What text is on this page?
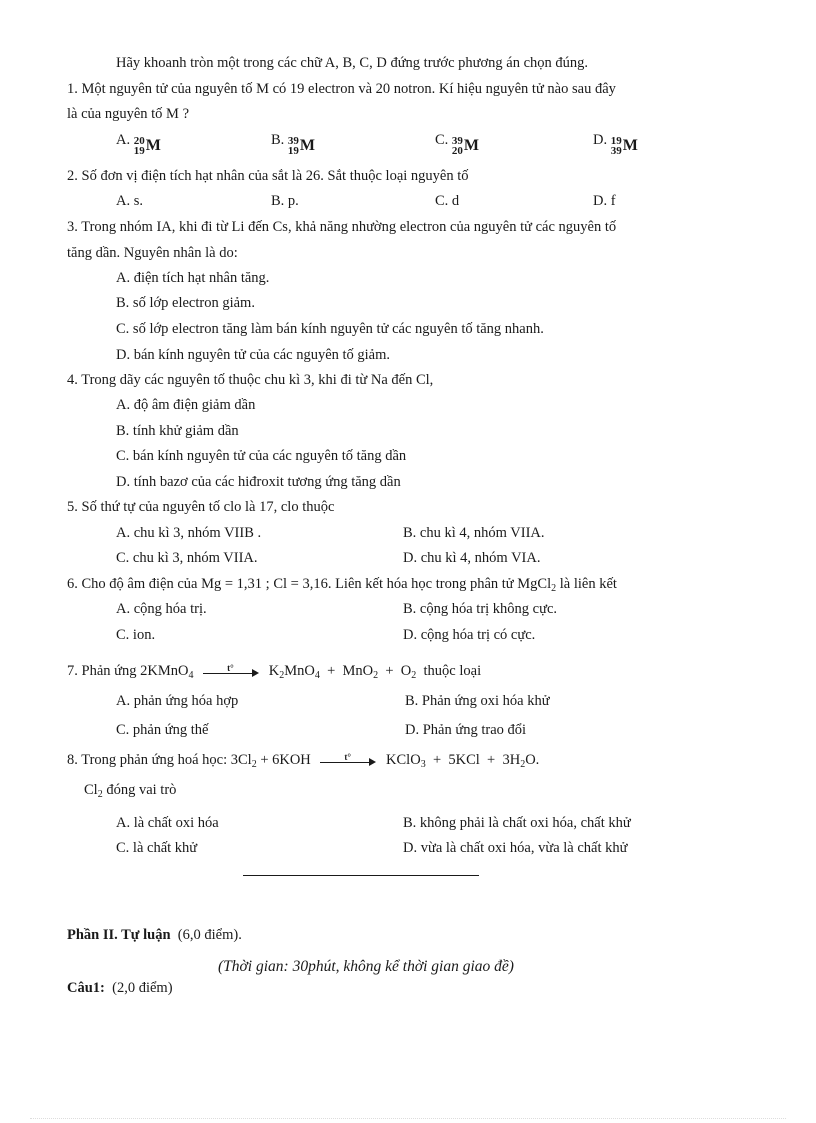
Hãy khoanh tròn một trong các chữ A, B, C, D đứng trước phương án chọn đúng.
1. Một nguyên tử của nguyên tố M có 19 electron và 20 notron. Kí hiệu nguyên tử nào sau đây
là của nguyên tố M ?
A. 20
19 M	B. 39
19 M	C. 39
20 M	D. 19
39 M
2. Số đơn vị điện tích hạt nhân của sắt là 26. Sắt thuộc loại nguyên tố
A. s.	B. p.	C. d	D. f
3. Trong nhóm IA, khi đi từ Li đến Cs, khả năng nhường electron của nguyên tử các nguyên tố
tăng dần. Nguyên nhân là do:
A. điện tích hạt nhân tăng.
B. số lớp electron giảm.
C. số lớp electron tăng làm bán kính nguyên tử các nguyên tố tăng nhanh.
D. bán kính nguyên tử của các nguyên tố giảm.
4. Trong dãy các nguyên tố thuộc chu kì 3, khi đi từ Na đến Cl,
A. độ âm điện giảm dần
B. tính khử giảm dần
C. bán kính nguyên tử của các nguyên tố tăng dần
D. tính bazơ của các hiđroxit tương ứng tăng dần
5. Số thứ tự của nguyên tố clo là 17, clo thuộc
A. chu kì 3, nhóm VIIB .	B. chu kì 4, nhóm VIIA.
C. chu kì 3, nhóm VIIA.	D. chu kì 4, nhóm VIA.
6. Cho độ âm điện của Mg = 1,31 ; Cl = 3,16. Liên kết hóa học trong phân tử MgCl$_2$ là liên kết
A. cộng hóa trị.	B. cộng hóa trị không cực.
C. ion.	D. cộng hóa trị có cực.
7. Phản ứng 2KMnO$_4$
t° $K_2MnO_4 + MnO_2 + O_2$ thuộc loại
A. phản ứng hóa hợp	B. Phản ứng oxi hóa khử
C. phản ứng thế	D. Phản ứng trao đổi
8. Trong phản ứng hoá học: $3Cl_2 + 6KOH$	t° KClO$_3$  +  $5KCl + 3H_2O$.
$Cl_2$ đóng vai trò
A. là chất oxi hóa	B. không phải là chất oxi hóa, chất khử
C. là chất khử	D. vừa là chất oxi hóa, vừa là chất khử
Phần II. Tự luận (6,0 điểm).
(Thời gian: 30phút, không kể thời gian giao đề)
Câu1: (2,0 điểm)
